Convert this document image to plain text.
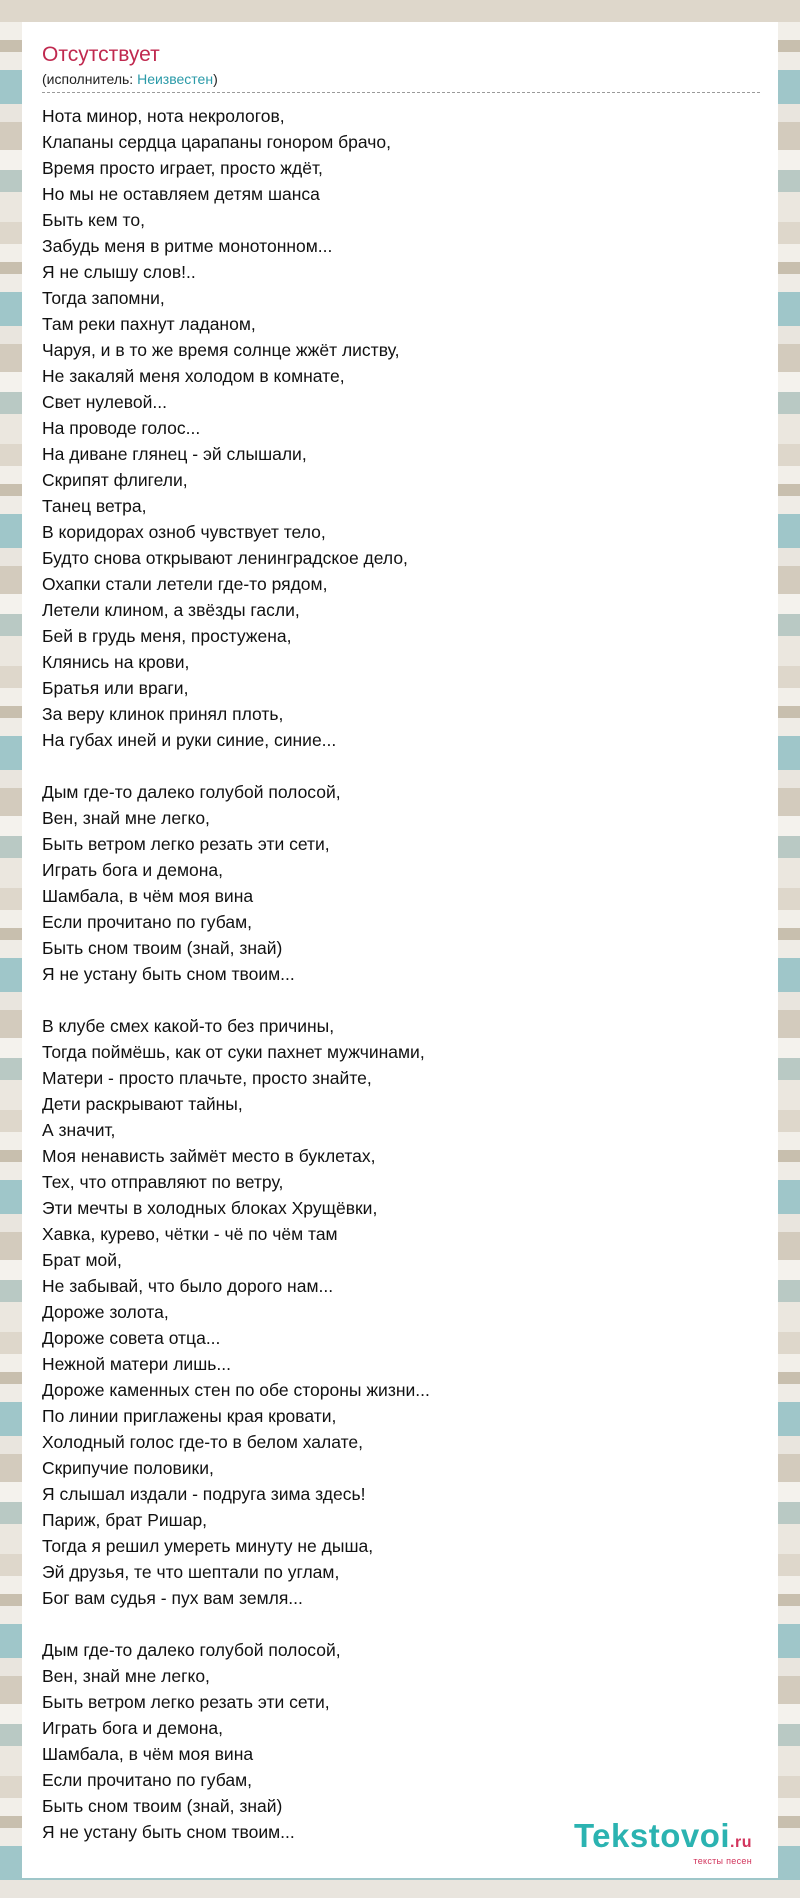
Отсутствует
(исполнитель: Неизвестен)
Нота минор, нота некрологов,
Клапаны сердца царапаны гонором брачо,
Время просто играет, просто ждёт,
Но мы не оставляем детям шанса
Быть кем то,
Забудь меня в ритме монотонном...
Я не слышу слов!..
Тогда запомни,
Там реки пахнут ладаном,
Чаруя, и в то же время солнце жжёт листву,
Не закаляй меня холодом в комнате,
Свет нулевой...
На проводе голос...
На диване глянец - эй слышали,
Скрипят флигели,
Танец ветра,
В коридорах озноб чувствует тело,
Будто снова открывают ленинградское дело,
Охапки стали летели где-то рядом,
Летели клином, а звёзды гасли,
Бей в грудь меня, простужена,
Клянись на крови,
Братья или враги,
За веру клинок принял плоть,
На губах иней и руки синие, синие...
Дым где-то далеко голубой полосой,
Вен, знай мне легко,
Быть ветром легко резать эти сети,
Играть бога и демона,
Шамбала, в чём моя вина
Если прочитано по губам,
Быть сном твоим (знай, знай)
Я не устану быть сном твоим...
В клубе смех какой-то без причины,
Тогда поймёшь, как от суки пахнет мужчинами,
Матери - просто плачьте, просто знайте,
Дети раскрывают тайны,
А значит,
Моя ненависть займёт место в буклетах,
Тех, что отправляют по ветру,
Эти мечты в холодных блоках Хрущёвки,
Хавка, курево, чётки - чё по чём там
Брат мой,
Не забывай, что было дорого нам...
Дороже золота,
Дороже совета отца...
Нежной матери лишь...
Дороже каменных стен по обе стороны жизни...
По линии приглажены края кровати,
Холодный голос где-то в белом халате,
Скрипучие половики,
Я слышал издали - подруга зима здесь!
Париж, брат Ришар,
Тогда я решил умереть минуту не дыша,
Эй друзья, те что шептали по углам,
Бог вам судья - пух вам земля...
Дым где-то далеко голубой полосой,
Вен, знай мне легко,
Быть ветром легко резать эти сети,
Играть бога и демона,
Шамбала, в чём моя вина
Если прочитано по губам,
Быть сном твоим (знай, знай)
Я не устану быть сном твоим...	Tekstovoi.ru
тексты песен
